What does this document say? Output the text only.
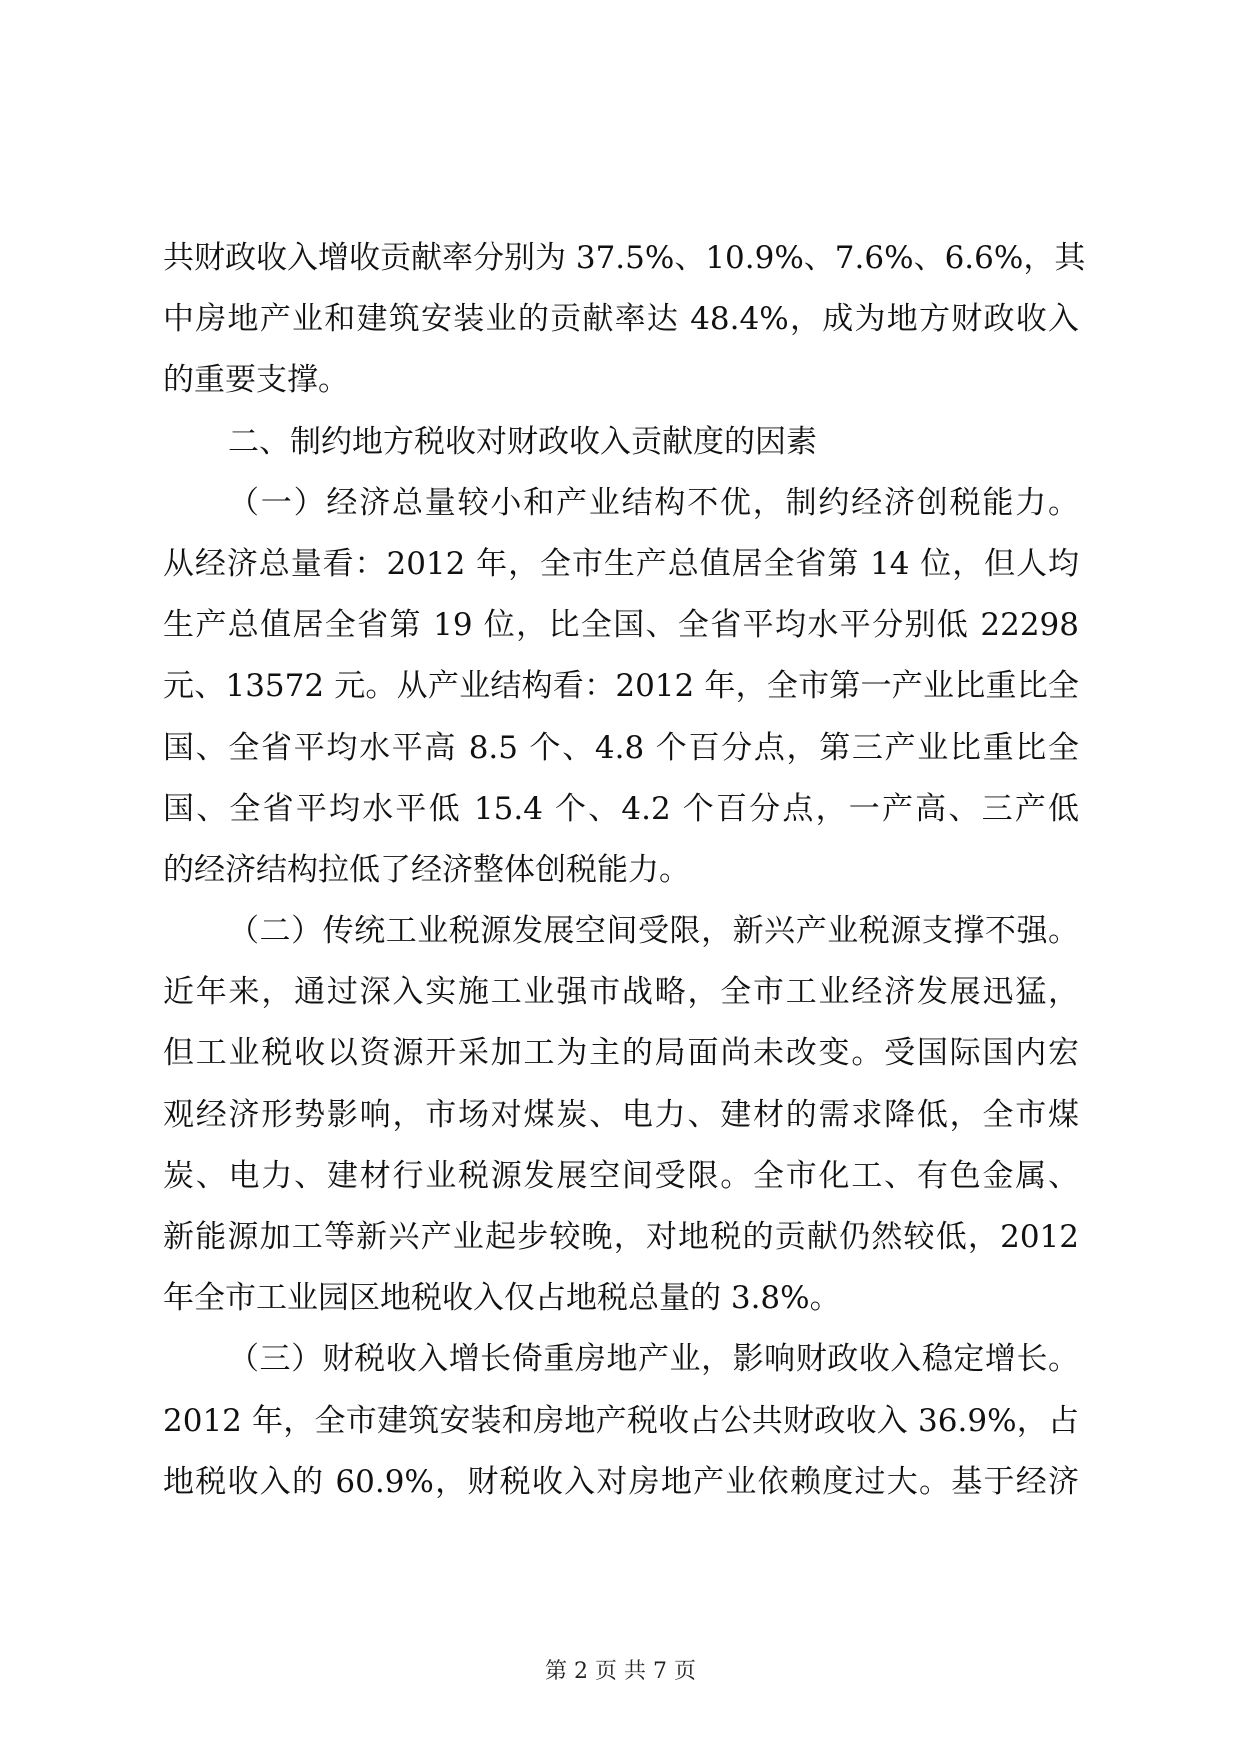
共财政收入增收贡献率分别为 37.5%、10.9%、7.6%、6.6%，其
中房地产业和建筑安装业的贡献率达 48.4%，成为地方财政收入
的重要支撑。
二、制约地方税收对财政收入贡献度的因素
（一）经济总量较小和产业结构不优，制约经济创税能力。
从经济总量看：2012 年，全市生产总值居全省第 14 位，但人均
生产总值居全省第 19 位，比全国、全省平均水平分别低 22298
元、13572 元。从产业结构看：2012 年，全市第一产业比重比全
国、全省平均水平高 8.5 个、4.8 个百分点，第三产业比重比全
国、全省平均水平低 15.4 个、4.2 个百分点，一产高、三产低
的经济结构拉低了经济整体创税能力。
（二）传统工业税源发展空间受限，新兴产业税源支撑不强。
近年来，通过深入实施工业强市战略，全市工业经济发展迅猛，
但工业税收以资源开采加工为主的局面尚未改变。受国际国内宏
观经济形势影响，市场对煤炭、电力、建材的需求降低，全市煤
炭、电力、建材行业税源发展空间受限。全市化工、有色金属、
新能源加工等新兴产业起步较晚，对地税的贡献仍然较低，2012
年全市工业园区地税收入仅占地税总量的 3.8%。
（三）财税收入增长倚重房地产业，影响财政收入稳定增长。
2012 年，全市建筑安装和房地产税收占公共财政收入 36.9%，占
地税收入的 60.9%，财税收入对房地产业依赖度过大。基于经济
第 2 页 共 7 页
